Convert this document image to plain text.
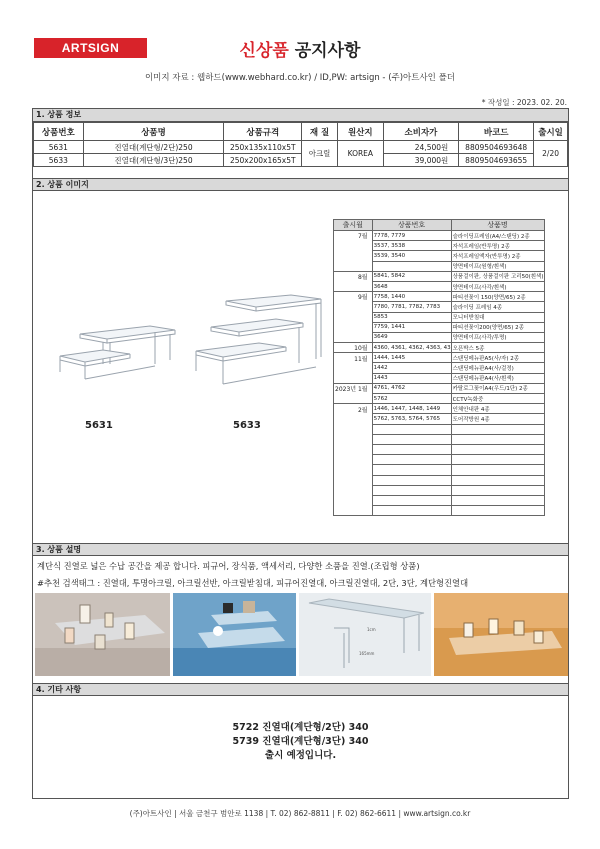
ARTSIGN	신상품 공지사항
이미지 자료 : 웹하드(www.webhard.co.kr) / ID,PW: artsign - (주)아트사인 폴더
* 작성일 : 2023. 02. 20.
1. 상품 정보
상품번호	상품명	상품규격	재 질	원산지	소비자가	바코드	출시일
5631	진열대(계단형/2단)250	250x135x110x5T	아크릴	KOREA	24,500원	8809504693648	2/20
5633	진열대(계단형/3단)250	250x200x165x5T			39,000원	8809504693655	
2. 상품 이미지
5631	5633
출시월	상품번호	상품명
7월	7778, 7779	슬라이딩프레임(A4/스탠딩) 2종
	3537, 3538	자석프레임(반투명) 2종
	3539, 3540	자석프레임액자(반투명) 2종
		양면테이프(원형/흰색)
8월	5841, 5842	상품걸이판, 상품걸이판 고리50(흰색)
	3648	양면테이프(사각/흰색)
9월	7758, 1440	파티션꽂이 150(양면/65) 2종
	7780, 7781, 7782, 7783	슬라이딩 프레임 4종
	5853	모니터받침대
	7759, 1441	파티션꽂이200(양면/65) 2종
	3649	양면테이프(사각/투명)
10월	4360, 4361, 4362, 4363, 43	오픈박스 5종
11월	1444, 1445	스탠딩메뉴판A5(사/자) 2종
	1442	스탠딩메뉴판A4(사/걸정)
	1443	스탠딩메뉴판A4(사/흰색)
2023년 1월	4761, 4762	카탈로그꽂이A4(우드/1단) 2종
	5762	CCTV녹화중
2월	1446, 1447, 1448, 1449	인체안내판 4종
	5762, 5763, 5764, 5765	도어작방원 4종

3. 상품 설명
계단식 진열로 넓은 수납 공간을 제공 합니다. 피규어, 장식품, 액세서리, 다양한 소품을 진열.(조립형 상품)
#추천 검색태그 : 진열대, 투명아크릴, 아크릴선반, 아크릴받침대, 피규어진열대, 아크릴진열대, 2단, 3단, 계단형진열대
1cm
165mm
4. 기타 사항
5722 진열대(계단형/2단) 340
5739 진열대(계단형/3단) 340
출시 예정입니다.
(주)아트사인 | 서울 금천구 범안로 1138 | T. 02) 862-8811 | F. 02) 862-6611 | www.artsign.co.kr
